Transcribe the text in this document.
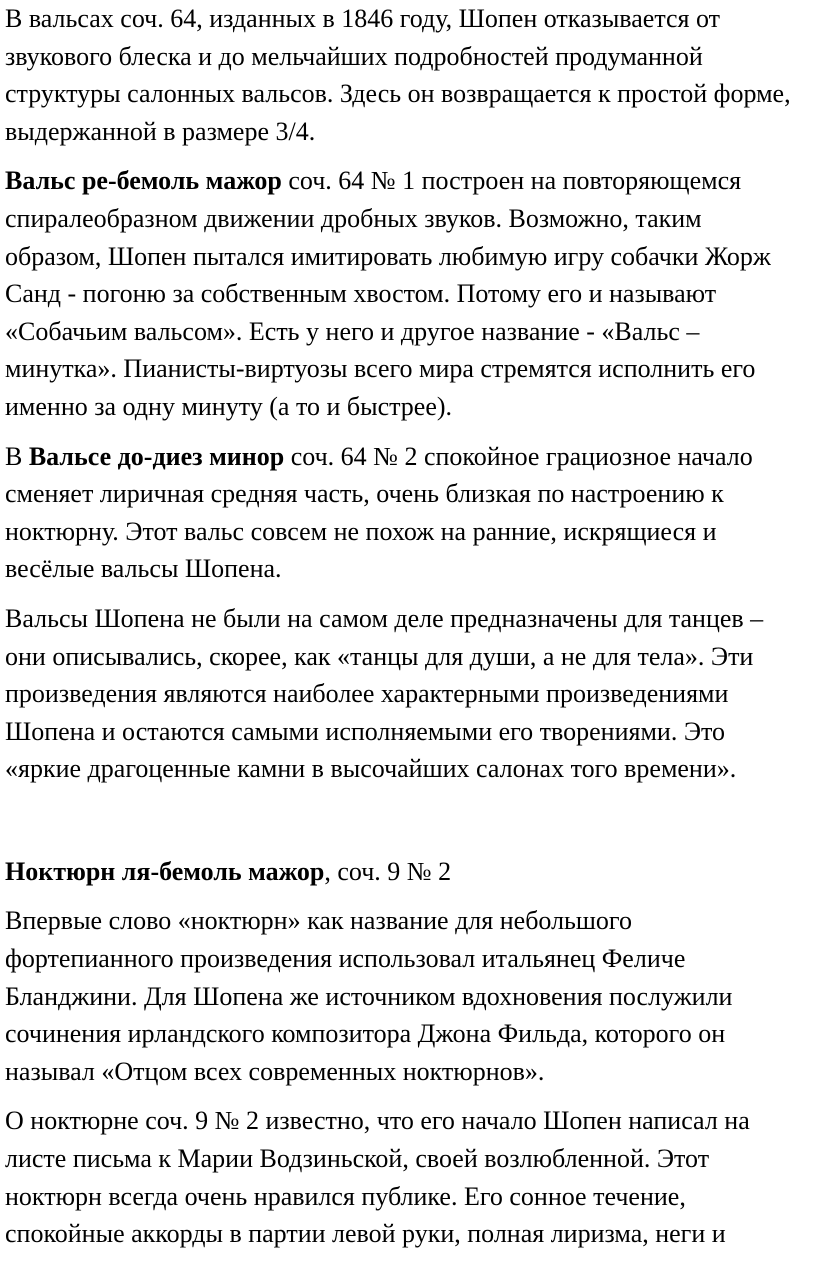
В вальсах соч. 64, изданных в 1846 году, Шопен отказывается от звукового блеска и до мельчайших подробностей продуманной структуры салонных вальсов. Здесь он возвращается к простой форме, выдержанной в размере 3/4.

Вальс ре-бемоль мажор соч. 64 № 1 построен на повторяющемся спиралеобразном движении дробных звуков. Возможно, таким образом, Шопен пытался имитировать любимую игру собачки Жорж Санд - погоню за собственным хвостом. Потому его и называют «Собачьим вальсом». Есть у него и другое название - «Вальс – минутка». Пианисты-виртуозы всего мира стремятся исполнить его именно за одну минуту (а то и быстрее).

В Вальсе до-диез минор соч. 64 № 2 спокойное грациозное начало сменяет лиричная средняя часть, очень близкая по настроению к ноктюрну. Этот вальс совсем не похож на ранние, искрящиеся и весёлые вальсы Шопена.

Вальсы Шопена не были на самом деле предназначены для танцев – они описывались, скорее, как «танцы для души, а не для тела». Эти произведения являются наиболее характерными произведениями Шопена и остаются самыми исполняемыми его творениями. Это «яркие драгоценные камни в высочайших салонах того времени».

Ноктюрн ля-бемоль мажор, соч. 9 № 2

Впервые слово «ноктюрн» как название для небольшого фортепианного произведения использовал итальянец Феличе Бланджини. Для Шопена же источником вдохновения послужили сочинения ирландского композитора Джона Фильда, которого он называл «Отцом всех современных ноктюрнов».

О ноктюрне соч. 9 № 2 известно, что его начало Шопен написал на листе письма к Марии Водзиньской, своей возлюбленной. Этот ноктюрн всегда очень нравился публике. Его сонное течение, спокойные аккорды в партии левой руки, полная лиризма, неги и
